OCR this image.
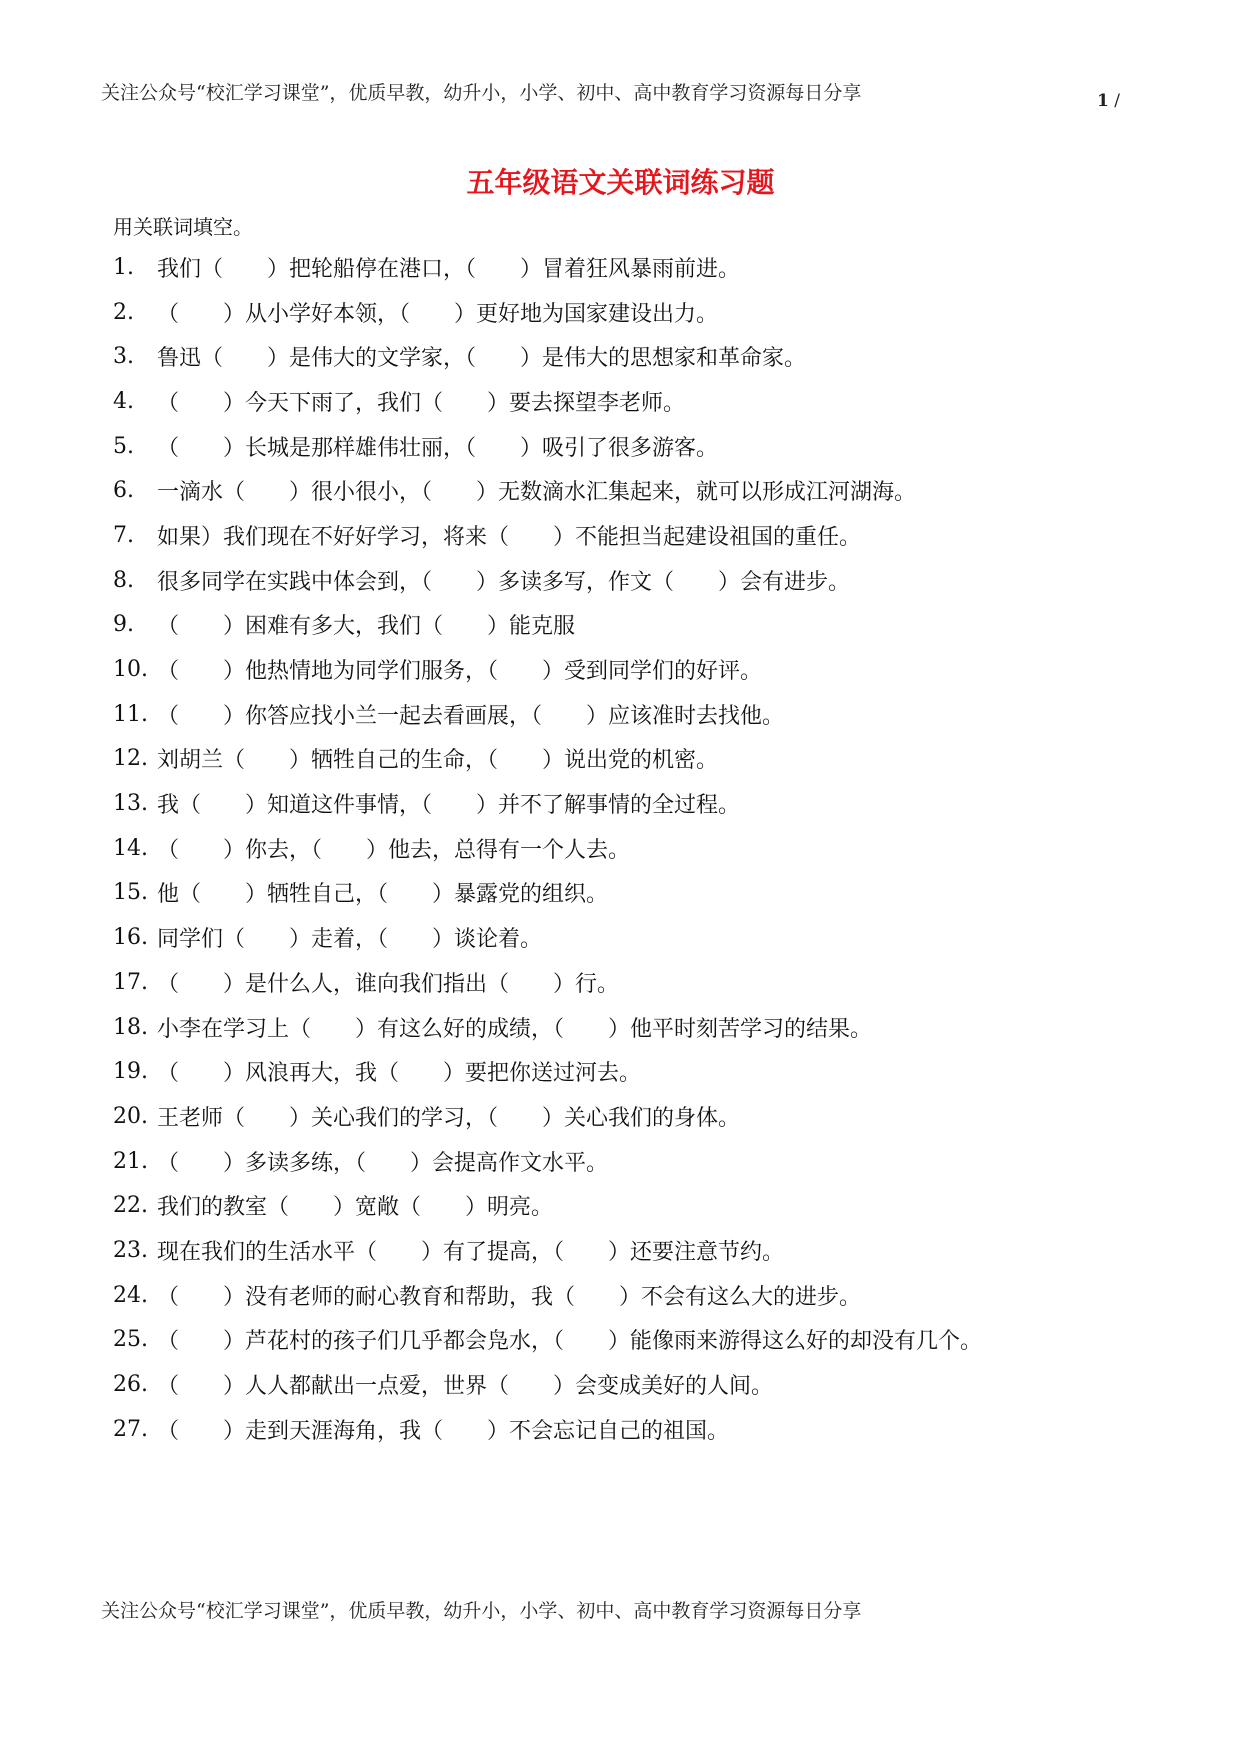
关注公众号“校汇学习课堂”，优质早教，幼升小，小学、初中、高中教育学习资源每日分享	1 /
五年级语文关联词练习题
用关联词填空。
1.	我们（　　）把轮船停在港口，（　　）冒着狂风暴雨前进。
2.	（　　）从小学好本领，（　　）更好地为国家建设出力。
3.	鲁迅（　　）是伟大的文学家，（　　）是伟大的思想家和革命家。
4.	（　　）今天下雨了，我们（　　）要去探望李老师。
5.	（　　）长城是那样雄伟壮丽，（　　）吸引了很多游客。
6.	一滴水（　　）很小很小，（　　）无数滴水汇集起来，就可以形成江河湖海。
7.	如果）我们现在不好好学习，将来（　　）不能担当起建设祖国的重任。
8.	很多同学在实践中体会到，（　　）多读多写，作文（　　）会有进步。
9.	（　　）困难有多大，我们（　　）能克服
10. （　　）他热情地为同学们服务，（　　）受到同学们的好评。
11. （　　）你答应找小兰一起去看画展，（　　）应该准时去找他。
12. 刘胡兰（　　）牺牲自己的生命，（　　）说出党的机密。
13. 我（　　）知道这件事情，（　　）并不了解事情的全过程。
14. （　　）你去，（　　）他去，总得有一个人去。
15. 他（　　）牺牲自己，（　　）暴露党的组织。
16. 同学们（　　）走着，（　　）谈论着。
17. （　　）是什么人，谁向我们指出（　　）行。
18. 小李在学习上（　　）有这么好的成绩，（　　）他平时刻苦学习的结果。
19. （　　）风浪再大，我（　　）要把你送过河去。
20. 王老师（　　）关心我们的学习，（　　）关心我们的身体。
21. （　　）多读多练，（　　）会提高作文水平。
22. 我们的教室（　　）宽敞（　　）明亮。
23. 现在我们的生活水平（　　）有了提高，（　　）还要注意节约。
24. （　　）没有老师的耐心教育和帮助，我（　　）不会有这么大的进步。
25. （　　）芦花村的孩子们几乎都会凫水，（　　）能像雨来游得这么好的却没有几个。
26. （　　）人人都献出一点爱，世界（　　）会变成美好的人间。
27. （　　）走到天涯海角，我（　　）不会忘记自己的祖国。
关注公众号“校汇学习课堂”，优质早教，幼升小，小学、初中、高中教育学习资源每日分享
